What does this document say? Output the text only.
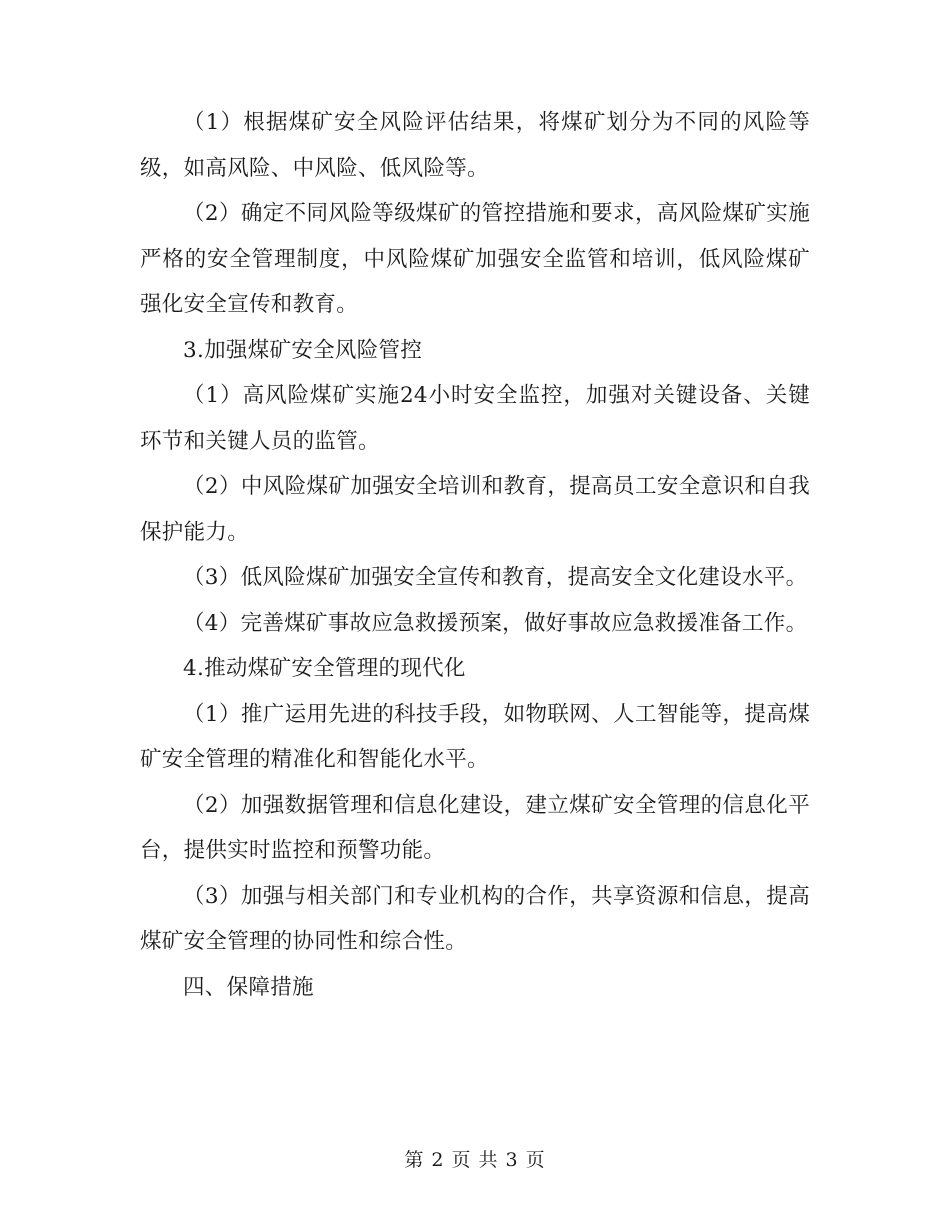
（1）根据煤矿安全风险评估结果，将煤矿划分为不同的风险等级，如高风险、中风险、低风险等。

（2）确定不同风险等级煤矿的管控措施和要求，高风险煤矿实施严格的安全管理制度，中风险煤矿加强安全监管和培训，低风险煤矿强化安全宣传和教育。

3.加强煤矿安全风险管控

（1）高风险煤矿实施24小时安全监控，加强对关键设备、关键环节和关键人员的监管。

（2）中风险煤矿加强安全培训和教育，提高员工安全意识和自我保护能力。

（3）低风险煤矿加强安全宣传和教育，提高安全文化建设水平。

（4）完善煤矿事故应急救援预案，做好事故应急救援准备工作。

4.推动煤矿安全管理的现代化

（1）推广运用先进的科技手段，如物联网、人工智能等，提高煤矿安全管理的精准化和智能化水平。

（2）加强数据管理和信息化建设，建立煤矿安全管理的信息化平台，提供实时监控和预警功能。

（3）加强与相关部门和专业机构的合作，共享资源和信息，提高煤矿安全管理的协同性和综合性。

四、保障措施

第 2 页 共 3 页
